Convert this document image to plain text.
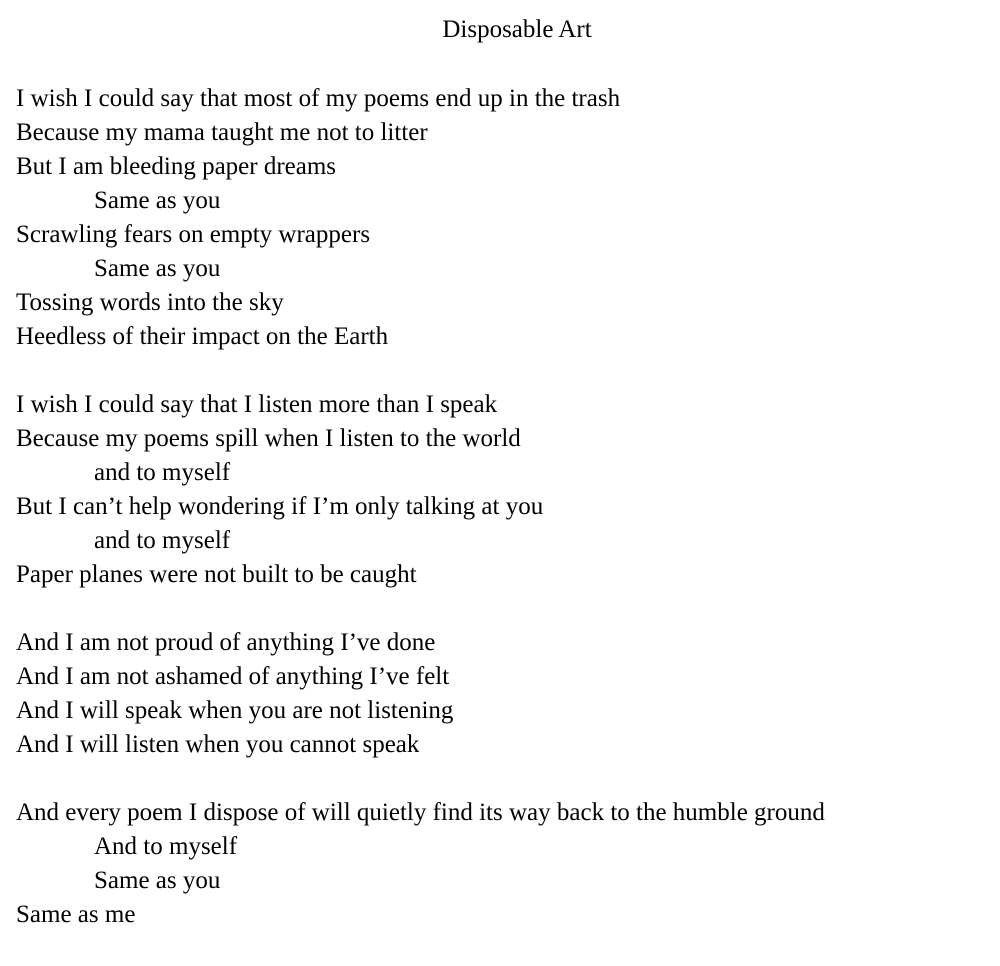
Disposable Art
I wish I could say that most of my poems end up in the trash
Because my mama taught me not to litter
But I am bleeding paper dreams
Same as you
Scrawling fears on empty wrappers
Same as you
Tossing words into the sky
Heedless of their impact on the Earth
I wish I could say that I listen more than I speak
Because my poems spill when I listen to the world
and to myself
But I can’t help wondering if I’m only talking at you
and to myself
Paper planes were not built to be caught
And I am not proud of anything I’ve done
And I am not ashamed of anything I’ve felt
And I will speak when you are not listening
And I will listen when you cannot speak
And every poem I dispose of will quietly find its way back to the humble ground
And to myself
Same as you
Same as me
